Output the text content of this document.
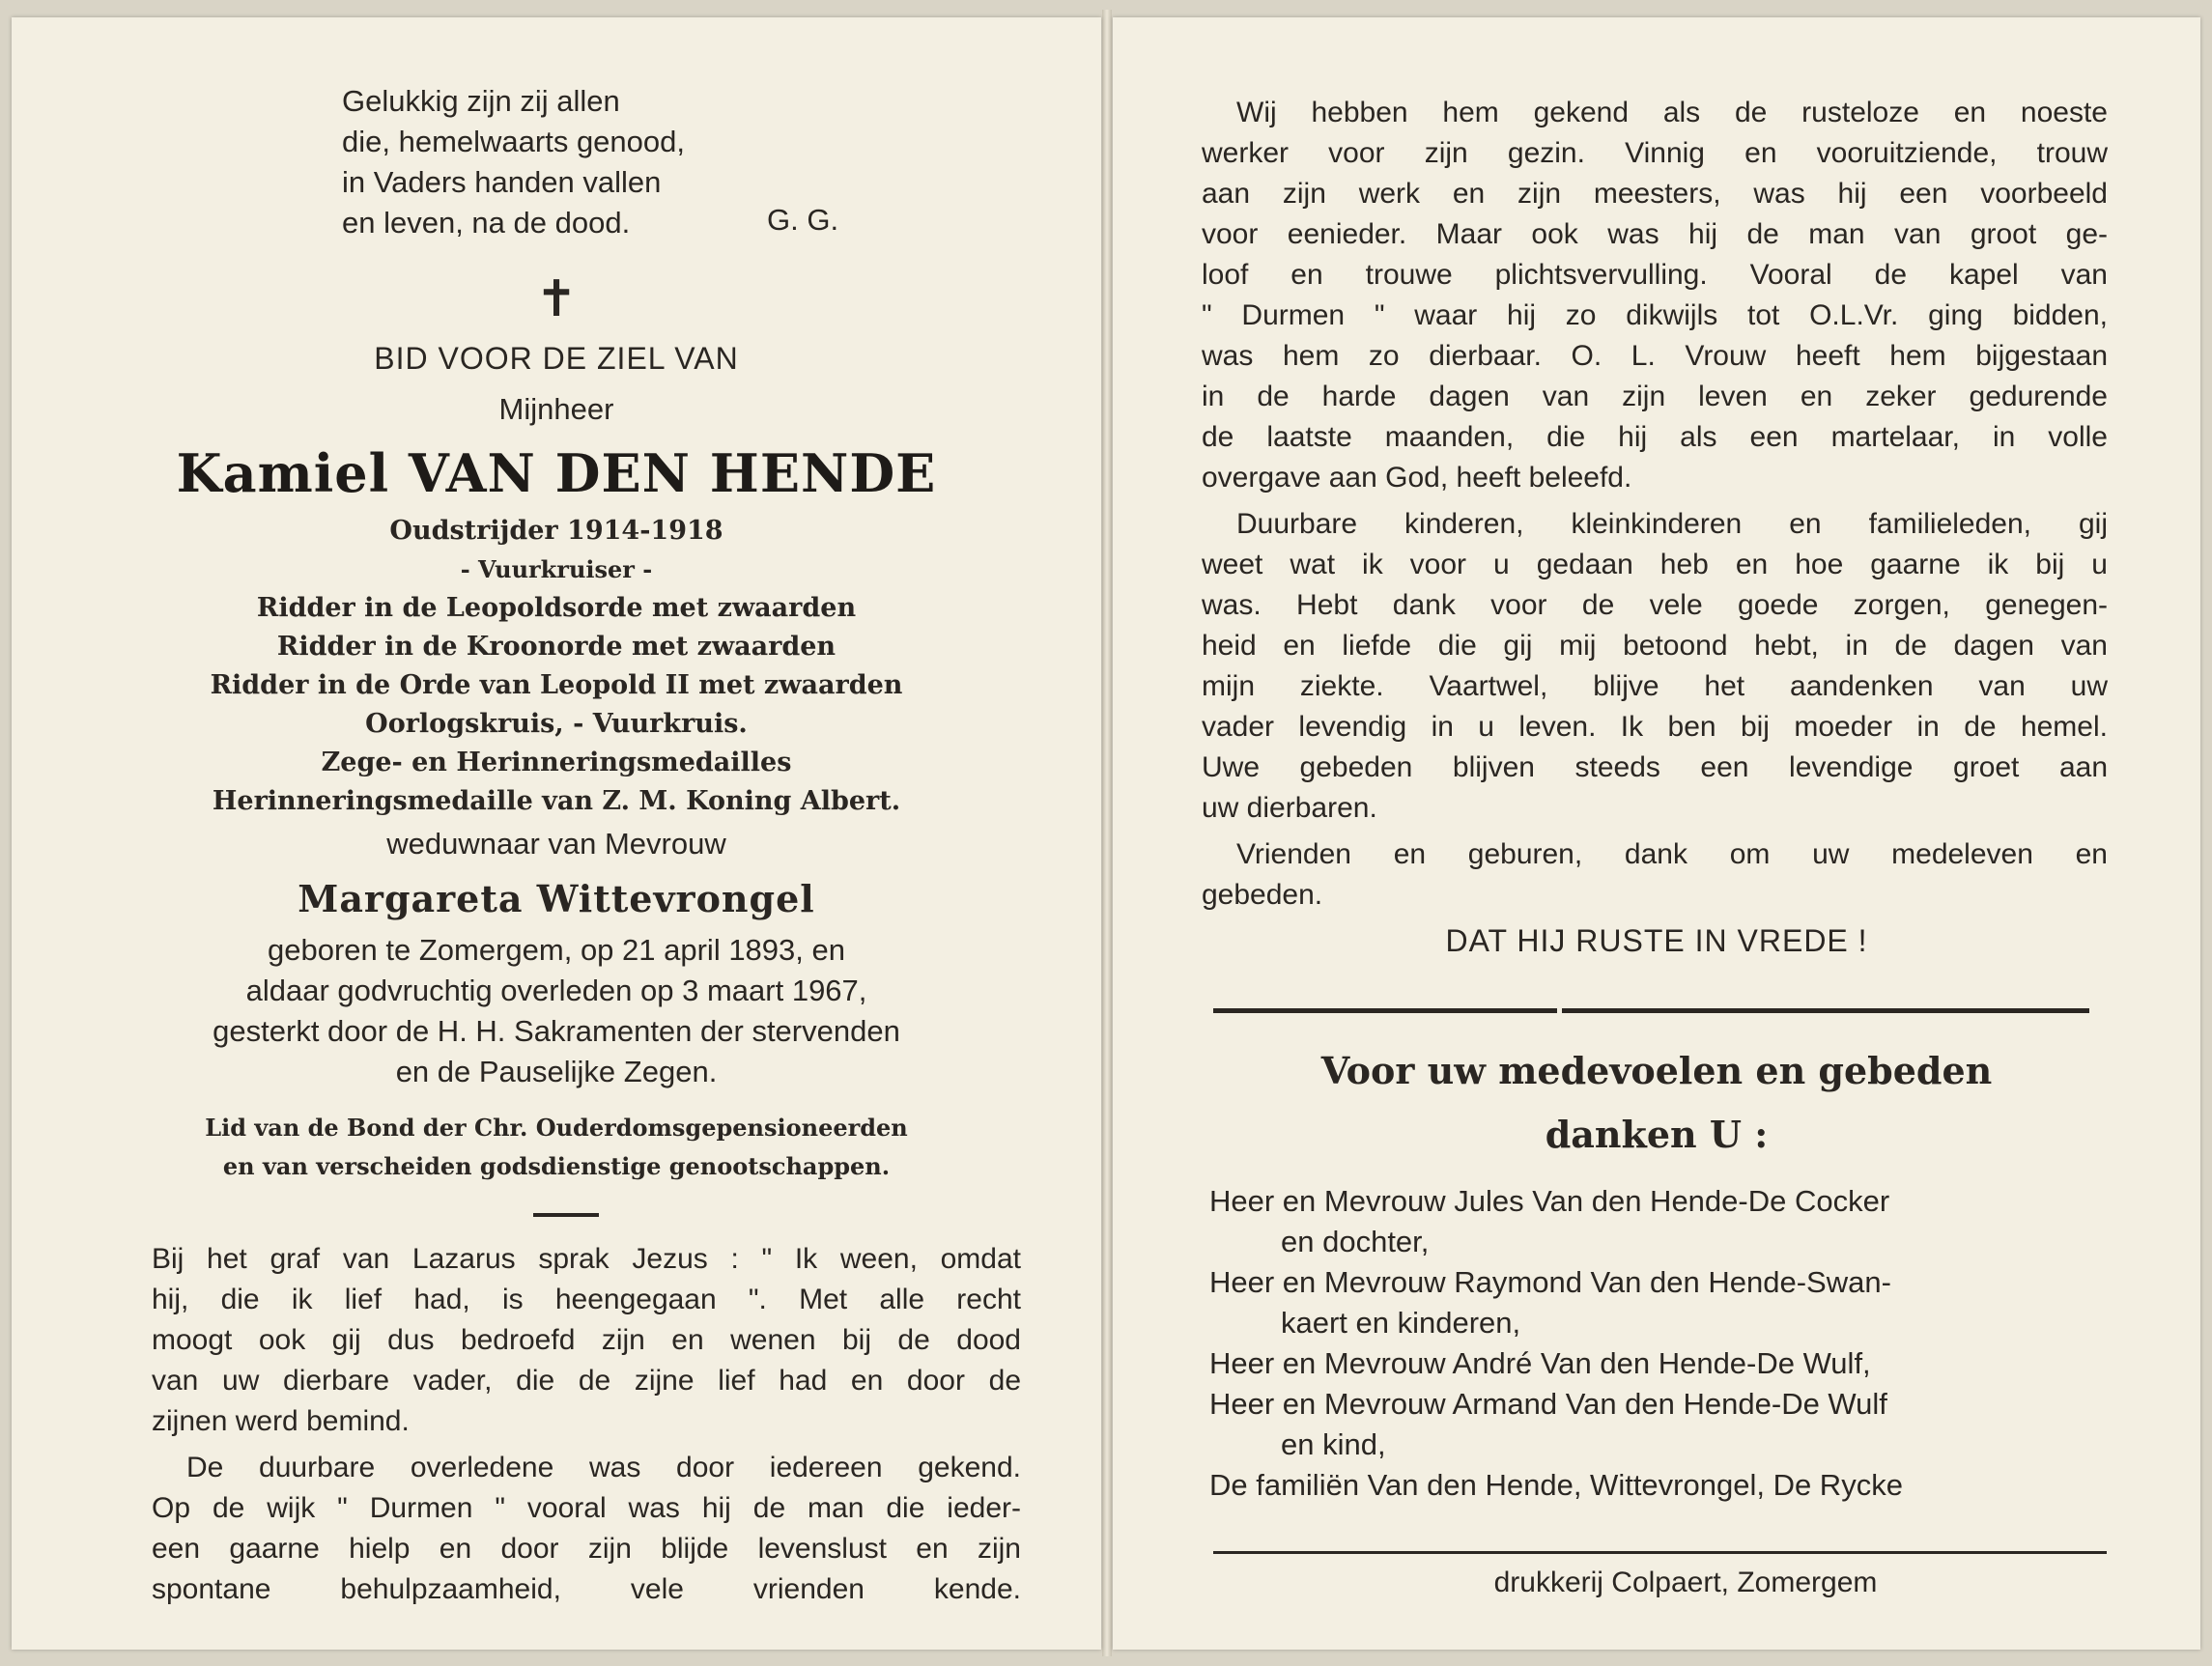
Gelukkig zijn zij allen
die, hemelwaarts genood,
in Vaders handen vallen
en leven, na de dood.	G. G.
✝
BID VOOR DE ZIEL VAN
Mijnheer
Kamiel VAN DEN HENDE
Oudstrijder 1914-1918
- Vuurkruiser -
Ridder in de Leopoldsorde met zwaarden
Ridder in de Kroonorde met zwaarden
Ridder in de Orde van Leopold II met zwaarden
Oorlogskruis, - Vuurkruis.
Zege- en Herinneringsmedailles
Herinneringsmedaille van Z. M. Koning Albert.
weduwnaar van Mevrouw
Margareta Wittevrongel
geboren te Zomergem, op 21 april 1893, en
aldaar godvruchtig overleden op 3 maart 1967,
gesterkt door de H. H. Sakramenten der stervenden
en de Pauselijke Zegen.
Lid van de Bond der Chr. Ouderdomsgepensioneerden
en van verscheiden godsdienstige genootschappen.
Bij het graf van Lazarus sprak Jezus : " Ik ween, omdat
hij, die ik lief had, is heengegaan ". Met alle recht
moogt ook gij dus bedroefd zijn en wenen bij de dood
van uw dierbare vader, die de zijne lief had en door de
zijnen werd bemind.
De duurbare overledene was door iedereen gekend.
Op de wijk " Durmen " vooral was hij de man die ieder-
een gaarne hielp en door zijn blijde levenslust en zijn
spontane behulpzaamheid, vele vrienden kende.
Wij hebben hem gekend als de rusteloze en noeste
werker voor zijn gezin. Vinnig en vooruitziende, trouw
aan zijn werk en zijn meesters, was hij een voorbeeld
voor eenieder. Maar ook was hij de man van groot ge-
loof en trouwe plichtsvervulling. Vooral de kapel van
" Durmen " waar hij zo dikwijls tot O.L.Vr. ging bidden,
was hem zo dierbaar. O. L. Vrouw heeft hem bijgestaan
in de harde dagen van zijn leven en zeker gedurende
de laatste maanden, die hij als een martelaar, in volle
overgave aan God, heeft beleefd.
Duurbare kinderen, kleinkinderen en familieleden, gij
weet wat ik voor u gedaan heb en hoe gaarne ik bij u
was. Hebt dank voor de vele goede zorgen, genegen-
heid en liefde die gij mij betoond hebt, in de dagen van
mijn ziekte. Vaartwel, blijve het aandenken van uw
vader levendig in u leven. Ik ben bij moeder in de hemel.
Uwe gebeden blijven steeds een levendige groet aan
uw dierbaren.
Vrienden en geburen, dank om uw medeleven en
gebeden.
DAT HIJ RUSTE IN VREDE !
Voor uw medevoelen en gebeden
danken U :
Heer en Mevrouw Jules Van den Hende-De Cocker
en dochter,
Heer en Mevrouw Raymond Van den Hende-Swan-
kaert en kinderen,
Heer en Mevrouw André Van den Hende-De Wulf,
Heer en Mevrouw Armand Van den Hende-De Wulf
en kind,
De familiën Van den Hende, Wittevrongel, De Rycke
drukkerij Colpaert, Zomergem
